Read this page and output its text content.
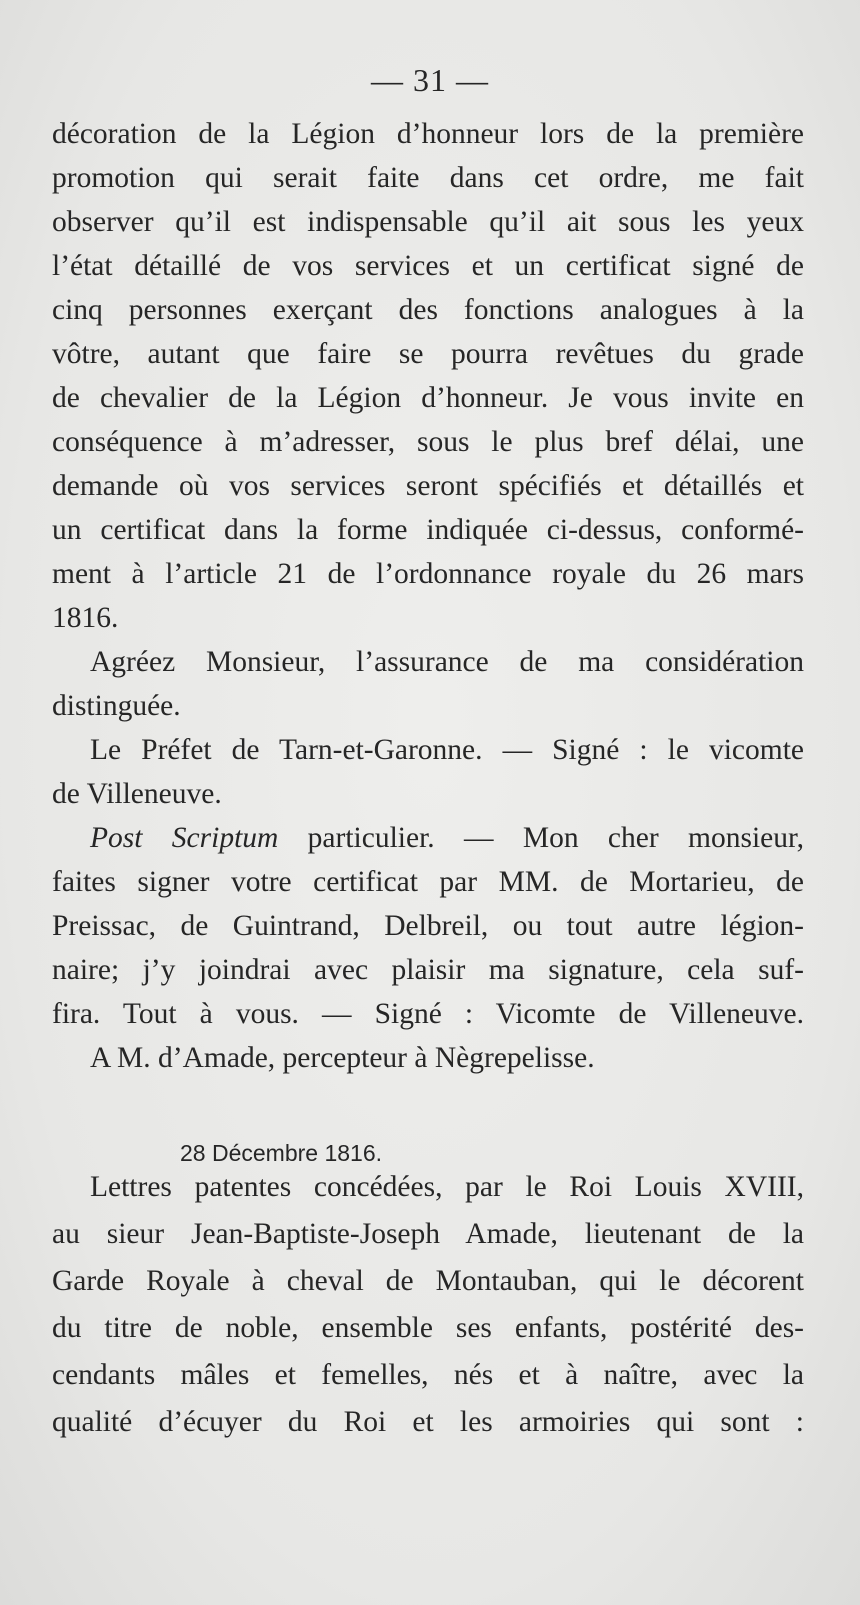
— 31 —
décoration de la Légion d’honneur lors de la première
promotion qui serait faite dans cet ordre, me fait
observer qu’il est indispensable qu’il ait sous les yeux
l’état détaillé de vos services et un certificat signé de
cinq personnes exerçant des fonctions analogues à la
vôtre, autant que faire se pourra revêtues du grade
de chevalier de la Légion d’honneur. Je vous invite en
conséquence à m’adresser, sous le plus bref délai, une
demande où vos services seront spécifiés et détaillés et
un certificat dans la forme indiquée ci-dessus, conformé-
ment à l’article 21 de l’ordonnance royale du 26 mars
1816.
Agréez Monsieur, l’assurance de ma considération
distinguée.
Le Préfet de Tarn-et-Garonne. — Signé : le vicomte
de Villeneuve.
Post Scriptum particulier. — Mon cher monsieur,
faites signer votre certificat par MM. de Mortarieu, de
Preissac, de Guintrand, Delbreil, ou tout autre légion-
naire; j’y joindrai avec plaisir ma signature, cela suf-
fira. Tout à vous. — Signé : Vicomte de Villeneuve.
A M. d’Amade, percepteur à Nègrepelisse.
28 Décembre 1816.
Lettres patentes concédées, par le Roi Louis XVIII,
au sieur Jean-Baptiste-Joseph Amade, lieutenant de la
Garde Royale à cheval de Montauban, qui le décorent
du titre de noble, ensemble ses enfants, postérité des-
cendants mâles et femelles, nés et à naître, avec la
qualité d’écuyer du Roi et les armoiries qui sont :
